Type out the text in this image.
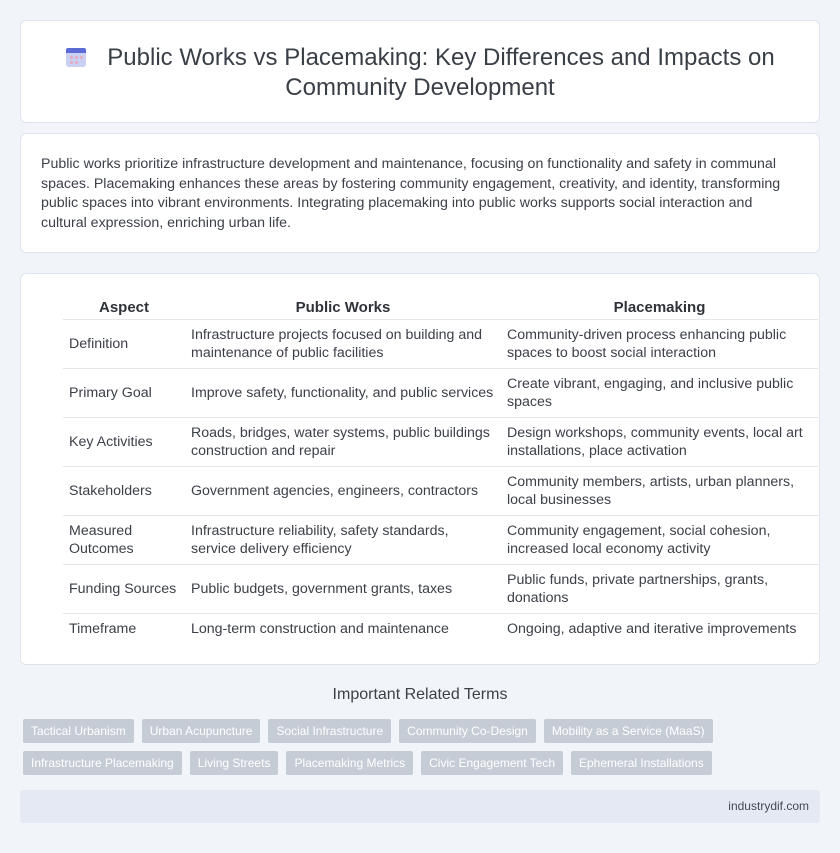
Public Works vs Placemaking: Key Differences and Impacts on Community Development

Public works prioritize infrastructure development and maintenance, focusing on functionality and safety in communal spaces. Placemaking enhances these areas by fostering community engagement, creativity, and identity, transforming public spaces into vibrant environments. Integrating placemaking into public works supports social interaction and cultural expression, enriching urban life.

Aspect	Public Works	Placemaking
Definition	Infrastructure projects focused on building and maintenance of public facilities	Community-driven process enhancing public spaces to boost social interaction
Primary Goal	Improve safety, functionality, and public services	Create vibrant, engaging, and inclusive public spaces
Key Activities	Roads, bridges, water systems, public buildings construction and repair	Design workshops, community events, local art installations, place activation
Stakeholders	Government agencies, engineers, contractors	Community members, artists, urban planners, local businesses
Measured Outcomes	Infrastructure reliability, safety standards, service delivery efficiency	Community engagement, social cohesion, increased local economy activity
Funding Sources	Public budgets, government grants, taxes	Public funds, private partnerships, grants, donations
Timeframe	Long-term construction and maintenance	Ongoing, adaptive and iterative improvements
Important Related Terms
Tactical Urbanism	Urban Acupuncture	Social Infrastructure	Community Co-Design	Mobility as a Service (MaaS)
Infrastructure Placemaking	Living Streets	Placemaking Metrics	Civic Engagement Tech	Ephemeral Installations
industrydif.com
